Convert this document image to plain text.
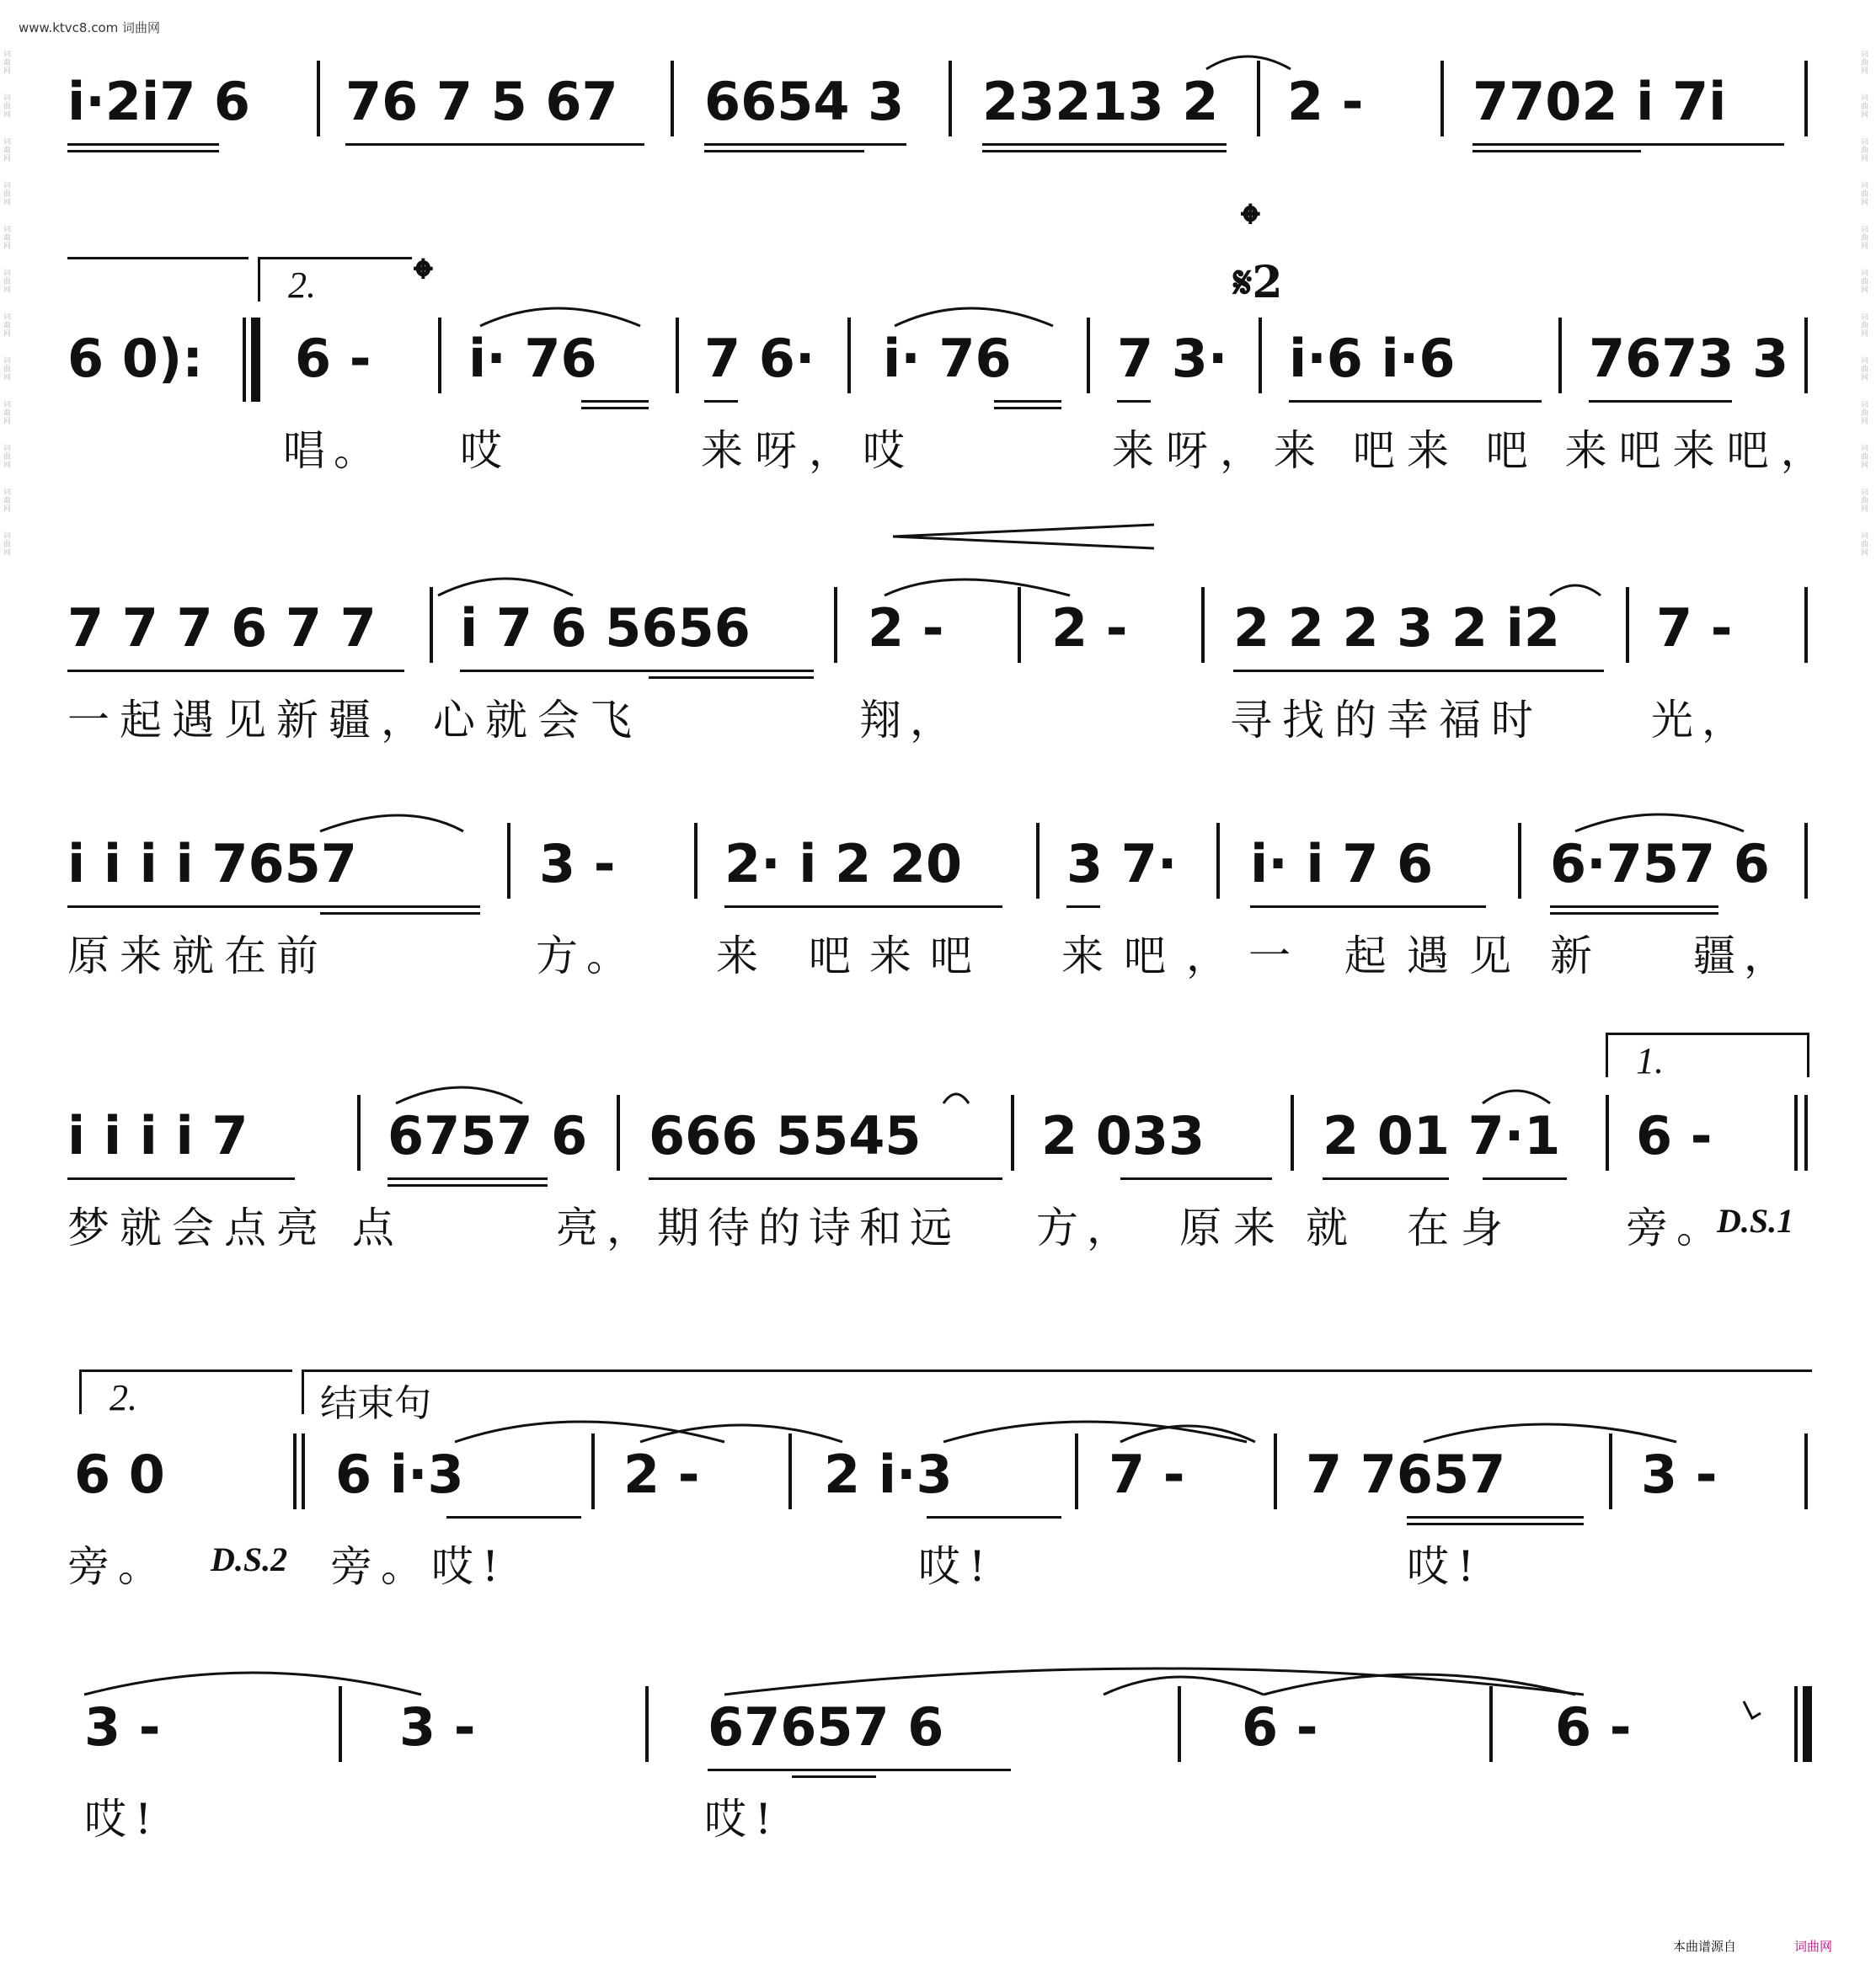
www.ktvc8.com 词曲网
词曲网
词曲网
词曲网
词曲网
词曲网
词曲网
词曲网
词曲网
词曲网
词曲网
词曲网
词曲网
词曲网
词曲网
词曲网
词曲网
词曲网
词曲网
词曲网
词曲网
词曲网
词曲网
词曲网
词曲网
i·2i7 6 76 7 5 67 6654 3 23213 2 2 - 7702 i 7i
2. 𝄌
𝄌
𝄋2
6 0): 6 - i· 76 7 6· i· 76 7 3· i·6 i·6	7673 3
唱。 哎	来呀，哎	来呀，来 吧来 吧 来吧来吧，
7 7 7 6 7 7 i 7 6 5656 2 - 2 - 2 2 2 3 2 i2 7 -
一起遇见新疆，心就会飞	翔，	寻找的幸福时	光，
i i i i 7657	3 - 2· i 2 20 3 7· i· i 7 6 6·757 6
原来就在前	方。 来 吧来吧 来吧，一 起遇见 新 疆，
1.
i i i i 7	6757 6 666 5545 2 033 2 01 7·1 6 -
梦就会点亮 点	亮，期待的诗和远 方， 原来 就 在身	旁。
D.S.1
2.	结束句
6 0	6 i·3	2 - 2 i·3	7 - 7 7657	3 -
旁。 D.S.2 旁。哎!	哎!	哎!
3 -	3 -	67657 6	6 -	6 -
哎!	哎!
本曲谱源自	词曲网
